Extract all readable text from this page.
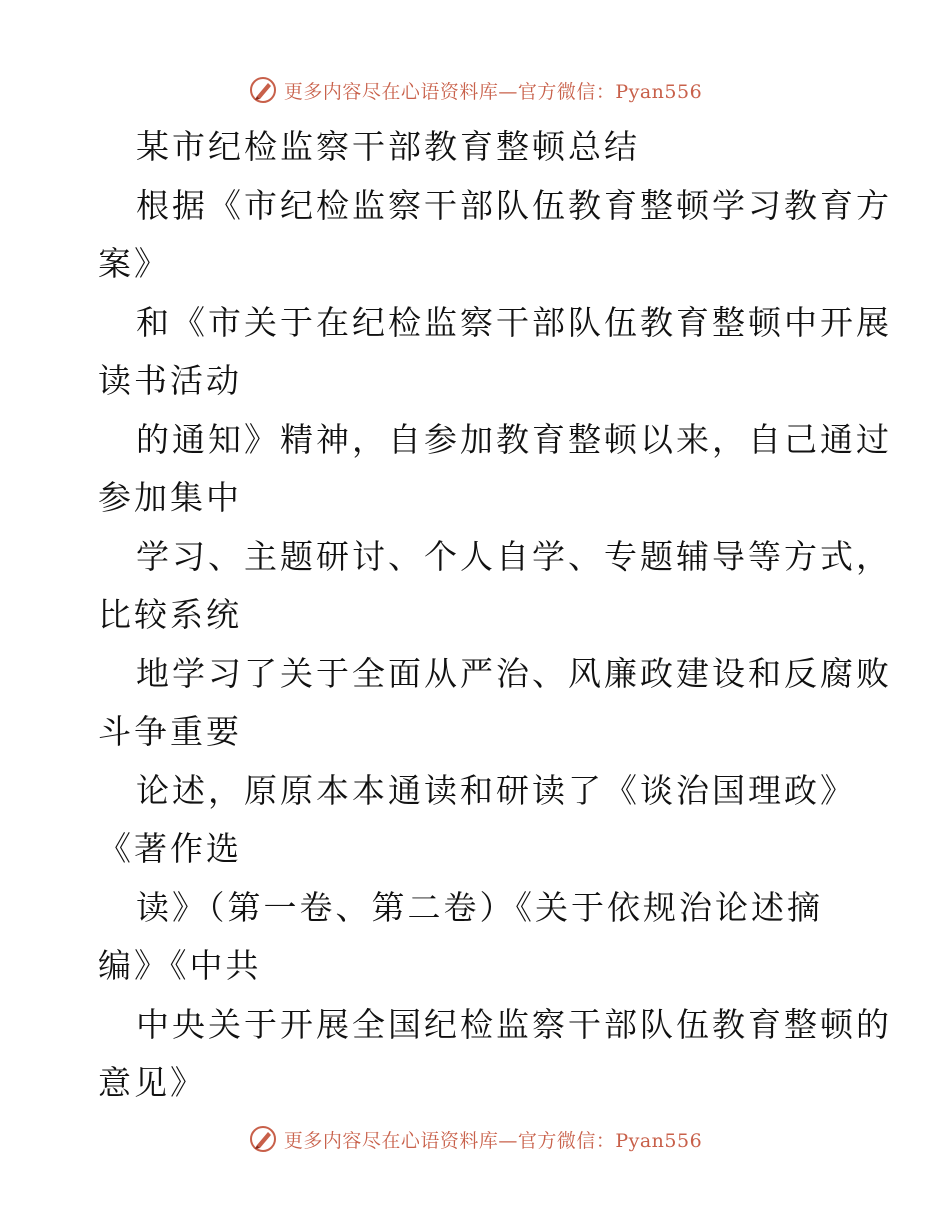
更多内容尽在心语资料库—官方微信：Pyan556
某市纪检监察干部教育整顿总结
根据《市纪检监察干部队伍教育整顿学习教育方
案》
和《市关于在纪检监察干部队伍教育整顿中开展
读书活动
的通知》精神，自参加教育整顿以来，自己通过
参加集中
学习、主题研讨、个人自学、专题辅导等方式，
比较系统
地学习了关于全面从严治、风廉政建设和反腐败
斗争重要
论述，原原本本通读和研读了《谈治国理政》
《著作选
读》（第一卷、第二卷）《关于依规治论述摘
编》《中共
中央关于开展全国纪检监察干部队伍教育整顿的
意见》
更多内容尽在心语资料库—官方微信：Pyan556
